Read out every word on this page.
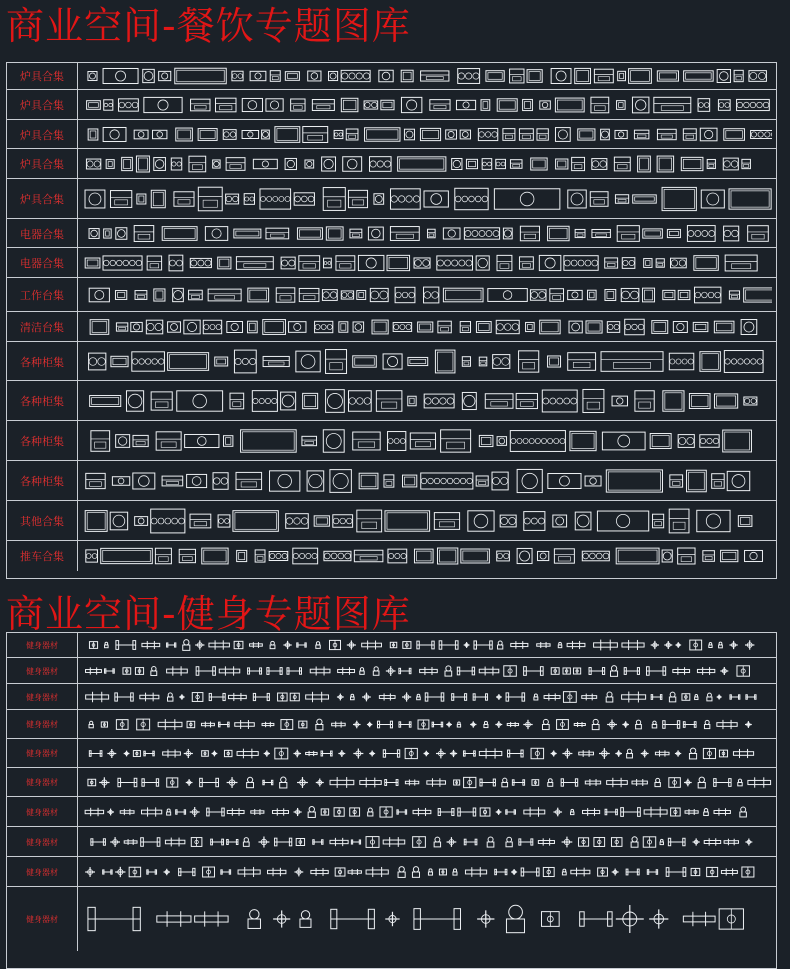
商业空间-餐饮专题图库
炉具合集
炉具合集
炉具合集
炉具合集
炉具合集
电器合集
电器合集
工作台集
清洁台集
各种柜集
各种柜集
各种柜集
各种柜集
其他合集
推车合集
商业空间-健身专题图库
健身器材
健身器材
健身器材
健身器材
健身器材
健身器材
健身器材
健身器材
健身器材
健身器材
